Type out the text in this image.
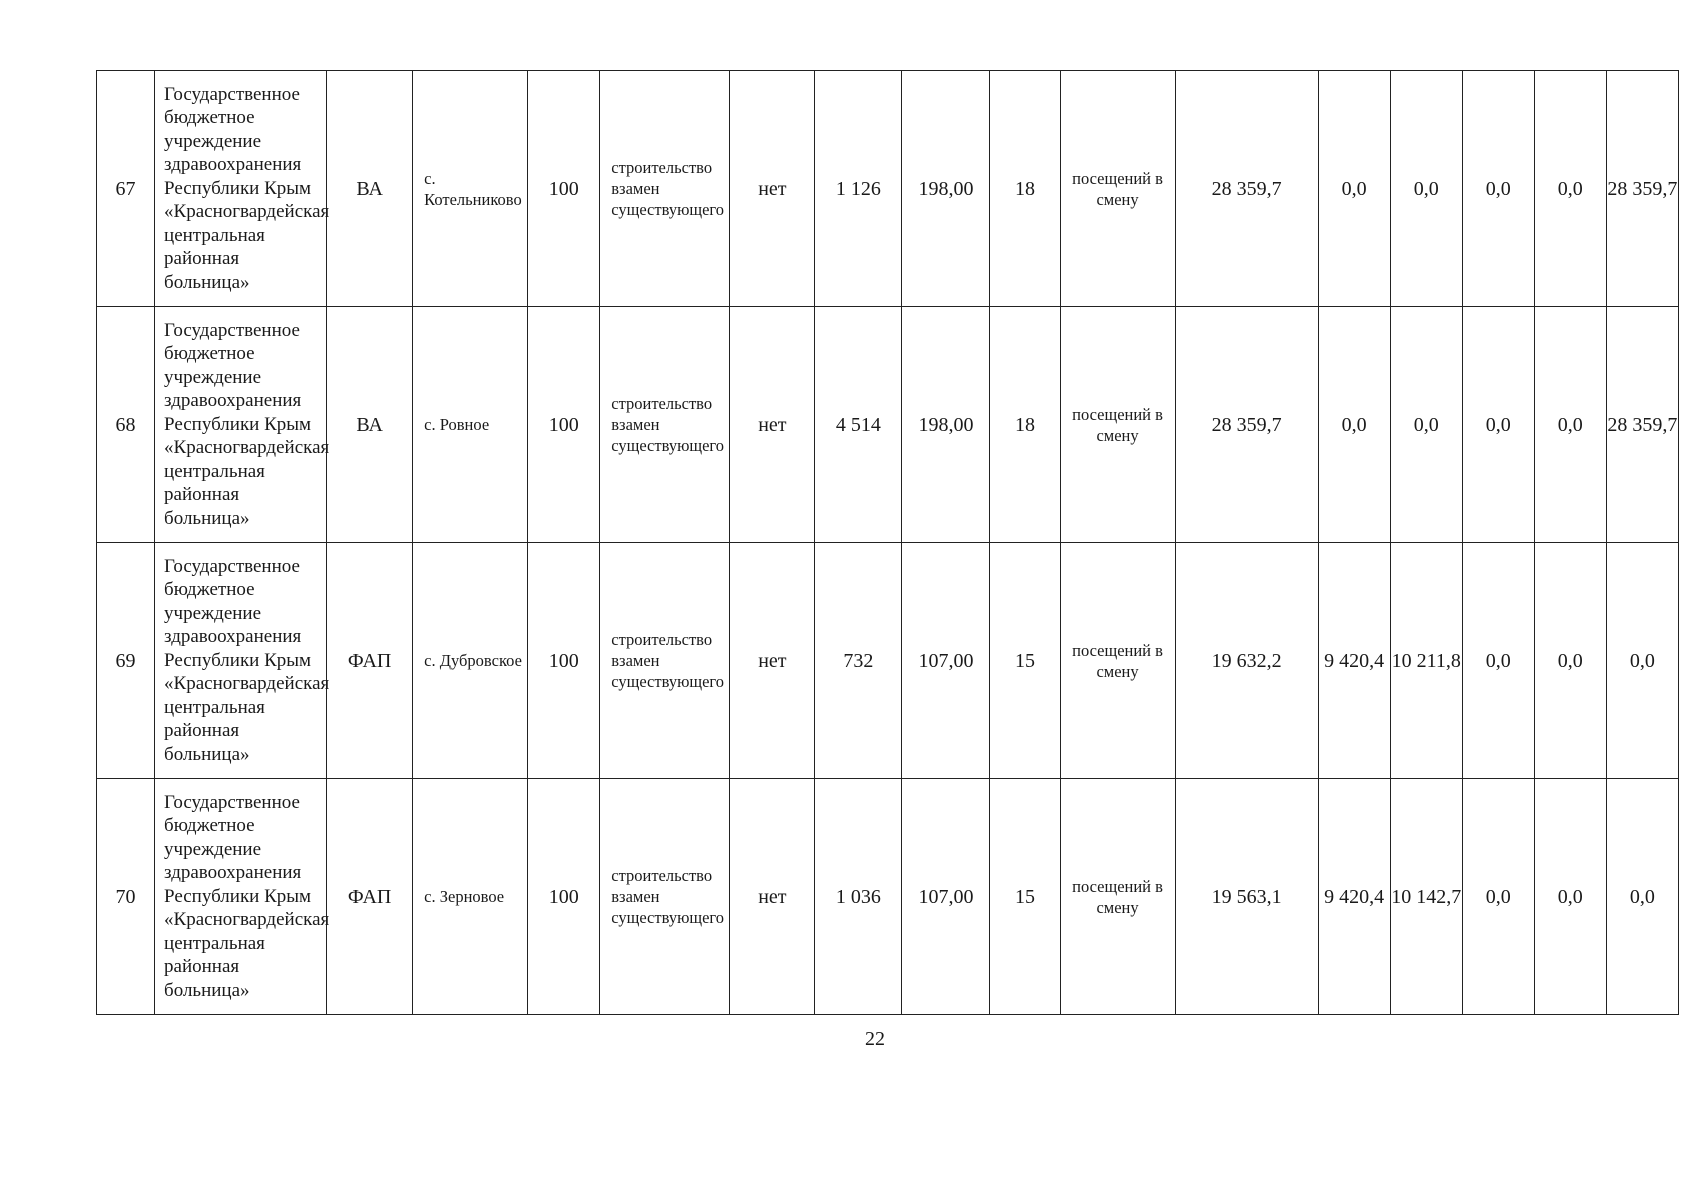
67	Государственное бюджетное учреждение здравоохранения Республики Крым «Красногвардейская центральная районная больница»	ВА	с. Котельниково	100	строительство взамен существующего	нет	1 126	198,00	18	посещений в смену	28 359,7	0,0	0,0	0,0	0,0	28 359,7
68	Государственное бюджетное учреждение здравоохранения Республики Крым «Красногвардейская центральная районная больница»	ВА	с. Ровное	100	строительство взамен существующего	нет	4 514	198,00	18	посещений в смену	28 359,7	0,0	0,0	0,0	0,0	28 359,7
69	Государственное бюджетное учреждение здравоохранения Республики Крым «Красногвардейская центральная районная больница»	ФАП	с. Дубровское	100	строительство взамен существующего	нет	732	107,00	15	посещений в смену	19 632,2	9 420,4	10 211,8	0,0	0,0	0,0
70	Государственное бюджетное учреждение здравоохранения Республики Крым «Красногвардейская центральная районная больница»	ФАП	с. Зерновое	100	строительство взамен существующего	нет	1 036	107,00	15	посещений в смену	19 563,1	9 420,4	10 142,7	0,0	0,0	0,0
22
